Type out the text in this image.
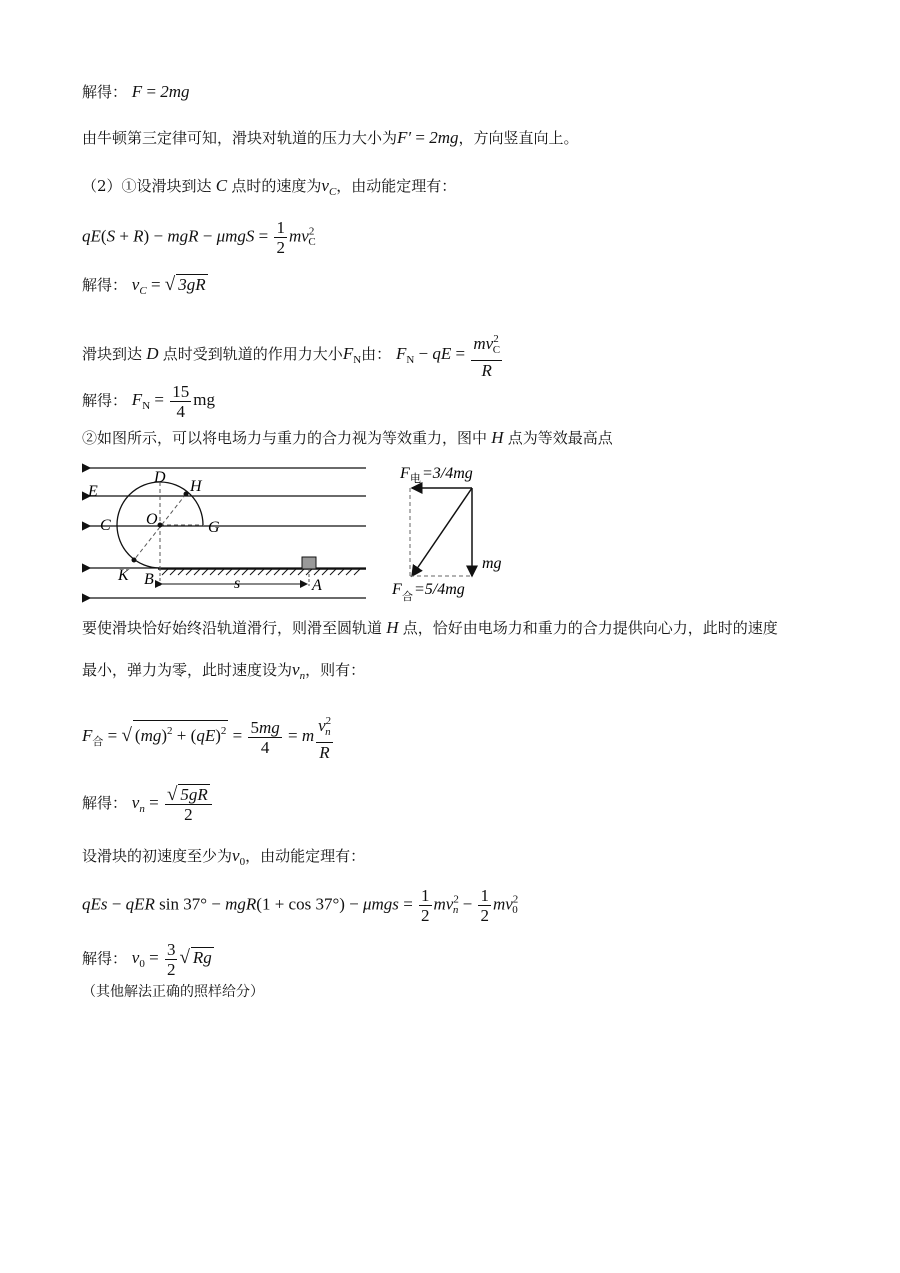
解得： F = 2mg
由牛顿第三定律可知，滑块对轨道的压力大小为F′ = 2mg，方向竖直向上。
（2）①设滑块到达 C 点时的速度为$v_C$，由动能定理有：
qE(S + R) − mgR − $\mu mgS = \frac{1}{2} mv^2_C$
解得： $v_C$ = √ 3gR
滑块到达 D 点时受到轨道的作用力大小$F_N$由： $F_N$ − qE = $\frac{mv^2_C}{R}$
解得： $F_N = \frac{15}{4}$ mg
②如图所示，可以将电场力与重力的合力视为等效重力，图中 H 点为等效最高点
D
H
E
C O	G
K B	s	A
F 电 =3/4mg
mg
F 合 =5/4mg
要使滑块恰好始终沿轨道滑行，则滑至圆轨道 H 点，恰好由电场力和重力的合力提供向心力，此时的速度
最小，弹力为零，此时速度设为$v_n$，则有：
$F_合$ = √ $(mg)^2 + (qE)^2 = \frac{5mg}{4} = m \frac{v^2_n}{R}$
解得： $v_n = \frac{√ 5gR}{2}$
设滑块的初速度至少为$v_0$，由动能定理有：
qEs − qER $\sin 37^\circ - mgR(1 + \cos 37^\circ) - \mu mgs = \frac{1}{2} mv^2_n - \frac{1}{2} mv^2_0$
解得： $v_0 = \frac{3}{2}$ √ Rg
（其他解法正确的照样给分）
